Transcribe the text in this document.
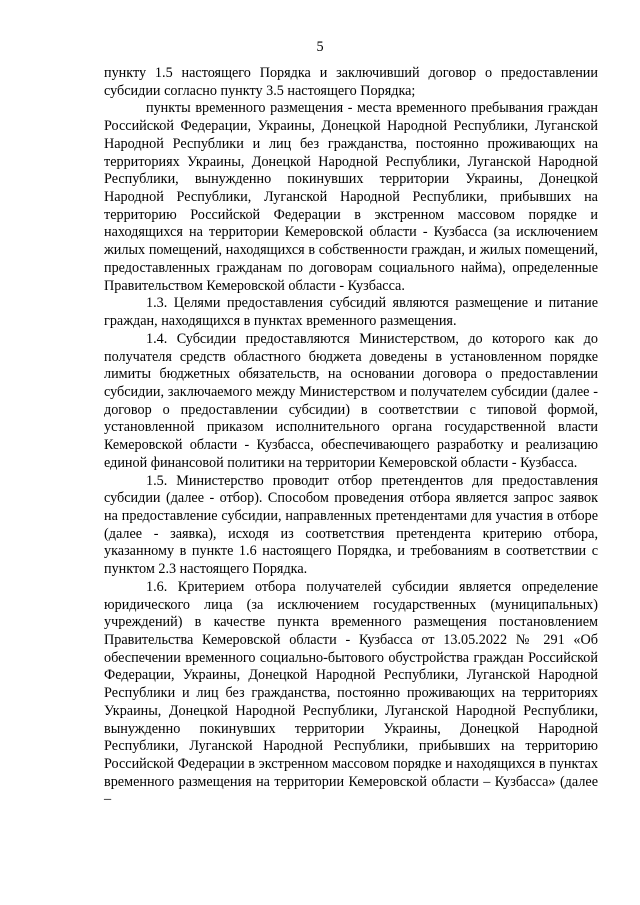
5

пункту 1.5 настоящего Порядка и заключивший договор о предоставлении субсидии согласно пункту 3.5 настоящего Порядка;

пункты временного размещения - места временного пребывания граждан Российской Федерации, Украины, Донецкой Народной Республики, Луганской Народной Республики и лиц без гражданства, постоянно проживающих на территориях Украины, Донецкой Народной Республики, Луганской Народной Республики, вынужденно покинувших территории Украины, Донецкой Народной Республики, Луганской Народной Республики, прибывших на территорию Российской Федерации в экстренном массовом порядке и находящихся на территории Кемеровской области - Кузбасса (за исключением жилых помещений, находящихся в собственности граждан, и жилых помещений, предоставленных гражданам по договорам социального найма), определенные Правительством Кемеровской области - Кузбасса.

1.3. Целями предоставления субсидий являются размещение и питание граждан, находящихся в пунктах временного размещения.

1.4. Субсидии предоставляются Министерством, до которого как до получателя средств областного бюджета доведены в установленном порядке лимиты бюджетных обязательств, на основании договора о предоставлении субсидии, заключаемого между Министерством и получателем субсидии (далее - договор о предоставлении субсидии) в соответствии с типовой формой, установленной приказом исполнительного органа государственной власти Кемеровской области - Кузбасса, обеспечивающего разработку и реализацию единой финансовой политики на территории Кемеровской области - Кузбасса.

1.5. Министерство проводит отбор претендентов для предоставления субсидии (далее - отбор). Способом проведения отбора является запрос заявок на предоставление субсидии, направленных претендентами для участия в отборе (далее - заявка), исходя из соответствия претендента критерию отбора, указанному в пункте 1.6 настоящего Порядка, и требованиям в соответствии с пунктом 2.3 настоящего Порядка.

1.6. Критерием отбора получателей субсидии является определение юридического лица (за исключением государственных (муниципальных) учреждений) в качестве пункта временного размещения постановлением Правительства Кемеровской области - Кузбасса от 13.05.2022 № 291 «Об обеспечении временного социально-бытового обустройства граждан Российской Федерации, Украины, Донецкой Народной Республики, Луганской Народной Республики и лиц без гражданства, постоянно проживающих на территориях Украины, Донецкой Народной Республики, Луганской Народной Республики, вынужденно покинувших территории Украины, Донецкой Народной Республики, Луганской Народной Республики, прибывших на территорию Российской Федерации в экстренном массовом порядке и находящихся в пунктах временного размещения на территории Кемеровской области – Кузбасса» (далее –
